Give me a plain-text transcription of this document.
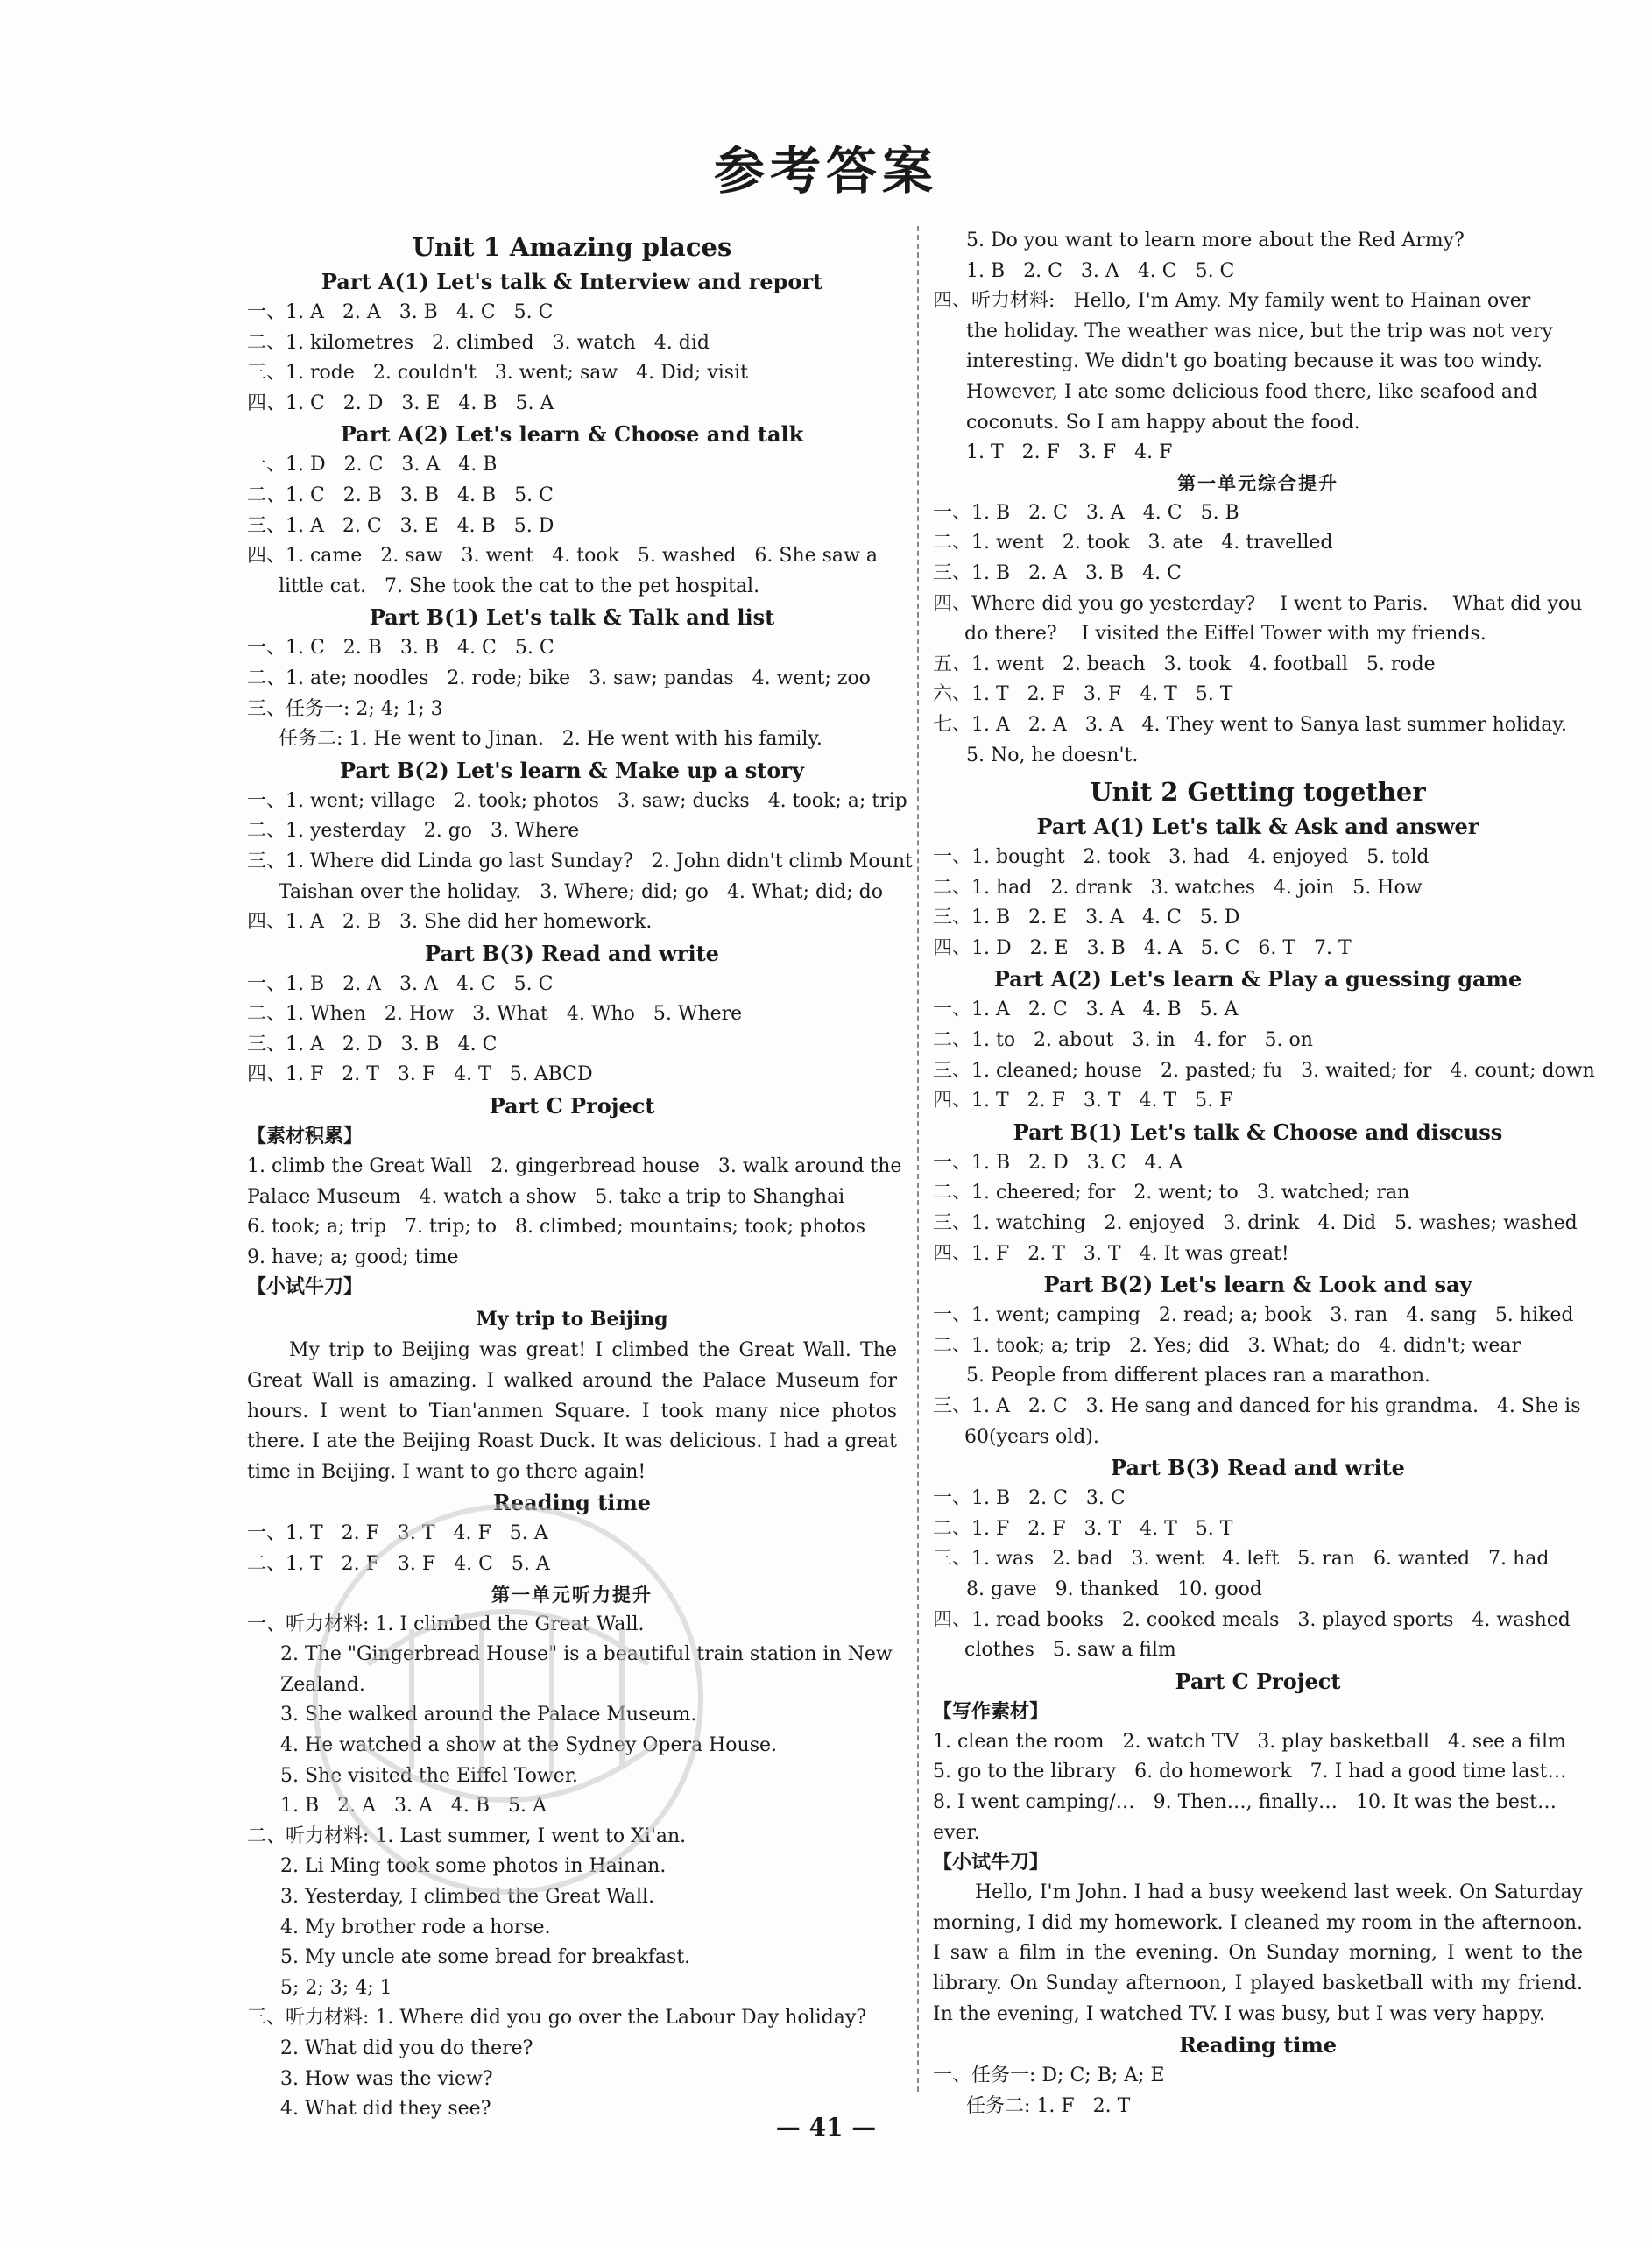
参考答案
Unit 1 Amazing places
Part A(1) Let's talk & Interview and report
一、1. A   2. A   3. B   4. C   5. C
二、1. kilometres   2. climbed   3. watch   4. did
三、1. rode   2. couldn't   3. went; saw   4. Did; visit
四、1. C   2. D   3. E   4. B   5. A
Part A(2) Let's learn & Choose and talk
一、1. D   2. C   3. A   4. B
二、1. C   2. B   3. B   4. B   5. C
三、1. A   2. C   3. E   4. B   5. D
四、1. came   2. saw   3. went   4. took   5. washed   6. She saw a
little cat.   7. She took the cat to the pet hospital.
Part B(1) Let's talk & Talk and list
一、1. C   2. B   3. B   4. C   5. C
二、1. ate; noodles   2. rode; bike   3. saw; pandas   4. went; zoo
三、任务一: 2; 4; 1; 3
任务二: 1. He went to Jinan.   2. He went with his family.
Part B(2) Let's learn & Make up a story
一、1. went; village   2. took; photos   3. saw; ducks   4. took; a; trip
二、1. yesterday   2. go   3. Where
三、1. Where did Linda go last Sunday?   2. John didn't climb Mount
Taishan over the holiday.   3. Where; did; go   4. What; did; do
四、1. A   2. B   3. She did her homework.
Part B(3) Read and write
一、1. B   2. A   3. A   4. C   5. C
二、1. When   2. How   3. What   4. Who   5. Where
三、1. A   2. D   3. B   4. C
四、1. F   2. T   3. F   4. T   5. ABCD
Part C Project
【素材积累】
1. climb the Great Wall   2. gingerbread house   3. walk around the
Palace Museum   4. watch a show   5. take a trip to Shanghai
6. took; a; trip   7. trip; to   8. climbed; mountains; took; photos
9. have; a; good; time
【小试牛刀】
My trip to Beijing
My trip to Beijing was great! I climbed the Great Wall. The Great Wall is amazing. I walked around the Palace Museum for hours. I went to Tian'anmen Square. I took many nice photos there. I ate the Beijing Roast Duck. It was delicious. I had a great time in Beijing. I want to go there again!
Reading time
一、1. T   2. F   3. T   4. F   5. A
二、1. T   2. F   3. F   4. C   5. A
第一单元听力提升
一、听力材料: 1. I climbed the Great Wall.
2. The "Gingerbread House" is a beautiful train station in New
Zealand.
3. She walked around the Palace Museum.
4. He watched a show at the Sydney Opera House.
5. She visited the Eiffel Tower.
1. B   2. A   3. A   4. B   5. A
二、听力材料: 1. Last summer, I went to Xi'an.
2. Li Ming took some photos in Hainan.
3. Yesterday, I climbed the Great Wall.
4. My brother rode a horse.
5. My uncle ate some bread for breakfast.
5; 2; 3; 4; 1
三、听力材料: 1. Where did you go over the Labour Day holiday?
2. What did you do there?
3. How was the view?
4. What did they see?
5. Do you want to learn more about the Red Army?
1. B   2. C   3. A   4. C   5. C
四、听力材料:   Hello, I'm Amy. My family went to Hainan over
the holiday. The weather was nice, but the trip was not very
interesting. We didn't go boating because it was too windy.
However, I ate some delicious food there, like seafood and
coconuts. So I am happy about the food.
1. T   2. F   3. F   4. F
第一单元综合提升
一、1. B   2. C   3. A   4. C   5. B
二、1. went   2. took   3. ate   4. travelled
三、1. B   2. A   3. B   4. C
四、Where did you go yesterday?    I went to Paris.    What did you
do there?    I visited the Eiffel Tower with my friends.
五、1. went   2. beach   3. took   4. football   5. rode
六、1. T   2. F   3. F   4. T   5. T
七、1. A   2. A   3. A   4. They went to Sanya last summer holiday.
5. No, he doesn't.
Unit 2 Getting together
Part A(1) Let's talk & Ask and answer
一、1. bought   2. took   3. had   4. enjoyed   5. told
二、1. had   2. drank   3. watches   4. join   5. How
三、1. B   2. E   3. A   4. C   5. D
四、1. D   2. E   3. B   4. A   5. C   6. T   7. T
Part A(2) Let's learn & Play a guessing game
一、1. A   2. C   3. A   4. B   5. A
二、1. to   2. about   3. in   4. for   5. on
三、1. cleaned; house   2. pasted; fu   3. waited; for   4. count; down
四、1. T   2. F   3. T   4. T   5. F
Part B(1) Let's talk & Choose and discuss
一、1. B   2. D   3. C   4. A
二、1. cheered; for   2. went; to   3. watched; ran
三、1. watching   2. enjoyed   3. drink   4. Did   5. washes; washed
四、1. F   2. T   3. T   4. It was great!
Part B(2) Let's learn & Look and say
一、1. went; camping   2. read; a; book   3. ran   4. sang   5. hiked
二、1. took; a; trip   2. Yes; did   3. What; do   4. didn't; wear
5. People from different places ran a marathon.
三、1. A   2. C   3. He sang and danced for his grandma.   4. She is
60(years old).
Part B(3) Read and write
一、1. B   2. C   3. C
二、1. F   2. F   3. T   4. T   5. T
三、1. was   2. bad   3. went   4. left   5. ran   6. wanted   7. had
8. gave   9. thanked   10. good
四、1. read books   2. cooked meals   3. played sports   4. washed
clothes   5. saw a film
Part C Project
【写作素材】
1. clean the room   2. watch TV   3. play basketball   4. see a film
5. go to the library   6. do homework   7. I had a good time last…
8. I went camping/…   9. Then…, finally…   10. It was the best…
ever.
【小试牛刀】
Hello, I'm John. I had a busy weekend last week. On Saturday morning, I did my homework. I cleaned my room in the afternoon. I saw a film in the evening. On Sunday morning, I went to the library. On Sunday afternoon, I played basketball with my friend. In the evening, I watched TV. I was busy, but I was very happy.
Reading time
一、任务一: D; C; B; A; E
任务二: 1. F   2. T
— 41 —
